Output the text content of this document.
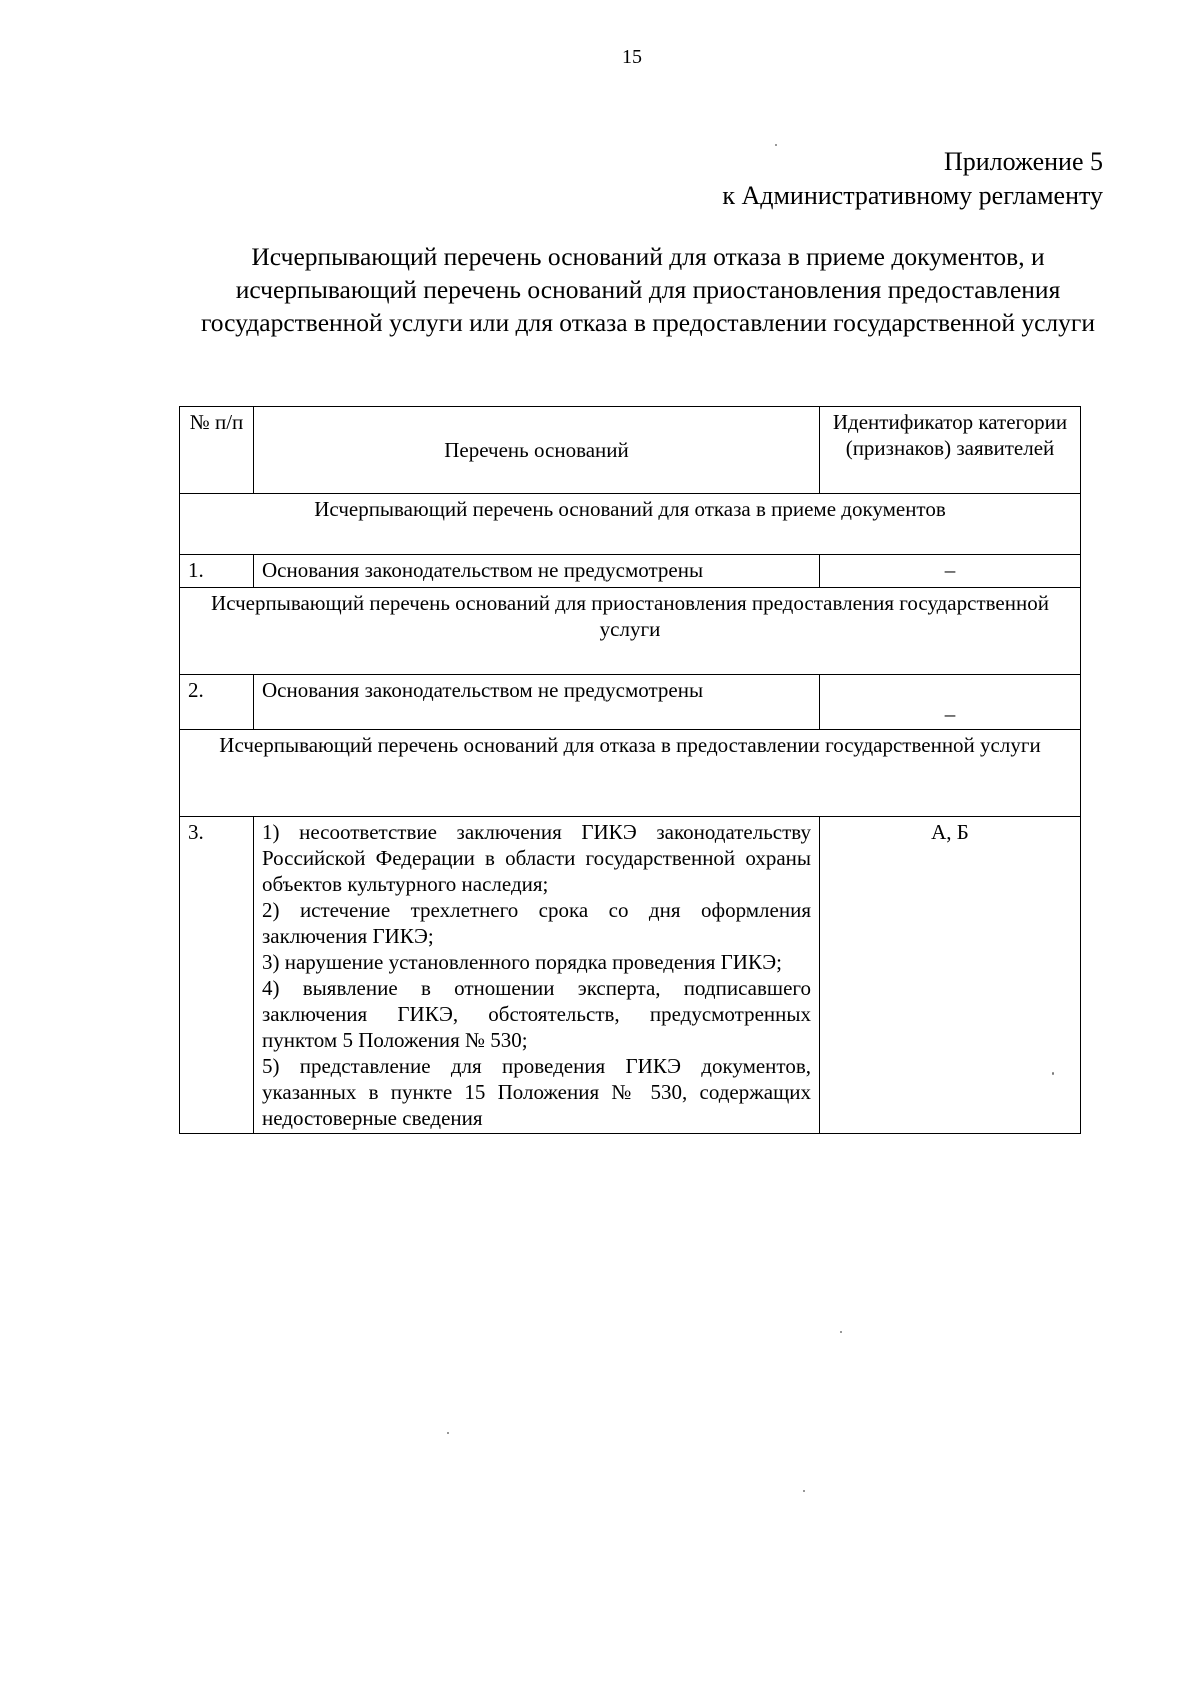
15
Приложение 5
к Административному регламенту
Исчерпывающий перечень оснований для отказа в приеме документов, и исчерпывающий перечень оснований для приостановления предоставления государственной услуги или для отказа в предоставлении государственной услуги
№ п/п	Перечень оснований	Идентификатор категории (признаков) заявителей
Исчерпывающий перечень оснований для отказа в приеме документов		
1.	Основания законодательством не предусмотрены	–
Исчерпывающий перечень оснований для приостановления предоставления государственной услуги		
2.	Основания законодательством не предусмотрены	–
Исчерпывающий перечень оснований для отказа в предоставлении государственной услуги		
3.	1) несоответствие заключения ГИКЭ законодательству Российской Федерации в области государственной охраны объектов культурного наследия;

2) истечение трехлетнего срока со дня оформления заключения ГИКЭ;

3) нарушение установленного порядка проведения ГИКЭ;

4) выявление в отношении эксперта, подписавшего заключения ГИКЭ, обстоятельств, предусмотренных пунктом 5 Положения № 530;

5) представление для проведения ГИКЭ документов, указанных в пункте 15 Положения № 530, содержащих недостоверные сведения	А, Б
